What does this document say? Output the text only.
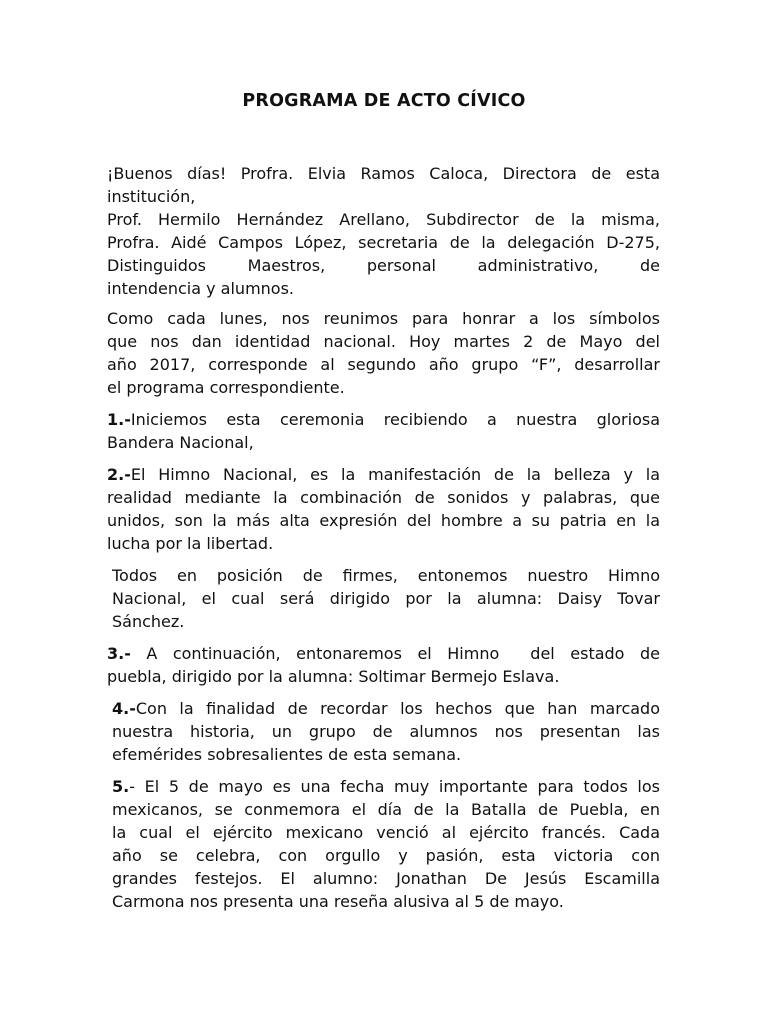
PROGRAMA DE ACTO CÍVICO
¡Buenos días! Profra. Elvia Ramos Caloca, Directora de esta
institución,
Prof. Hermilo Hernández Arellano, Subdirector de la misma,
Profra. Aidé Campos López, secretaria de la delegación D-275,
Distinguidos Maestros, personal administrativo, de
intendencia y alumnos.
Como cada lunes, nos reunimos para honrar a los símbolos
que nos dan identidad nacional. Hoy martes 2 de Mayo del
año 2017, corresponde al segundo año grupo “F”, desarrollar
el programa correspondiente.
1.-Iniciemos esta ceremonia recibiendo a nuestra gloriosa
Bandera Nacional,
2.-El Himno Nacional, es la manifestación de la belleza y la
realidad mediante la combinación de sonidos y palabras, que
unidos, son la más alta expresión del hombre a su patria en la
lucha por la libertad.
Todos en posición de firmes, entonemos nuestro Himno
Nacional, el cual será dirigido por la alumna: Daisy Tovar
Sánchez.
3.- A continuación, entonaremos el Himno  del estado de
puebla, dirigido por la alumna: Soltimar Bermejo Eslava.
4.-Con la finalidad de recordar los hechos que han marcado
nuestra historia, un grupo de alumnos nos presentan las
efemérides sobresalientes de esta semana.
5.- El 5 de mayo es una fecha muy importante para todos los
mexicanos, se conmemora el día de la Batalla de Puebla, en
la cual el ejército mexicano venció al ejército francés. Cada
año se celebra, con orgullo y pasión, esta victoria con
grandes festejos. El alumno: Jonathan De Jesús Escamilla
Carmona nos presenta una reseña alusiva al 5 de mayo.
